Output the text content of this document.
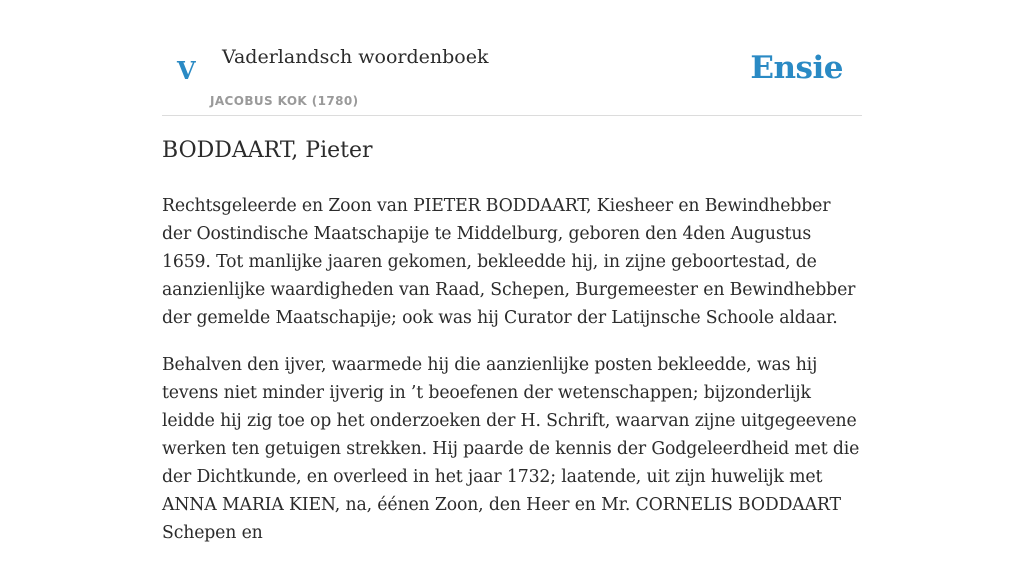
V Vaderlandsch woordenboek
JACOBUS KOK (1780)
Ensie
BODDAART, Pieter

Rechtsgeleerde en Zoon van PIETER BODDAART, Kiesheer en Bewindhebber der Oostindische Maatschapije te Middelburg, geboren den 4den Augustus 1659. Tot manlijke jaaren gekomen, bekleedde hij, in zijne geboortestad, de aanzienlijke waardigheden van Raad, Schepen, Burgemeester en Bewindhebber der gemelde Maatschapije; ook was hij Curator der Latijnsche Schoole aldaar.

Behalven den ijver, waarmede hij die aanzienlijke posten bekleedde, was hij tevens niet minder ijverig in ’t beoefenen der wetenschappen; bijzonderlijk leidde hij zig toe op het onderzoeken der H. Schrift, waarvan zijne uitgegeevene werken ten getuigen strekken. Hij paarde de kennis der Godgeleerdheid met die der Dichtkunde, en overleed in het jaar 1732; laatende, uit zijn huwelijk met ANNA MARIA KIEN, na, éénen Zoon, den Heer en Mr. CORNELIS BODDAART Schepen en
